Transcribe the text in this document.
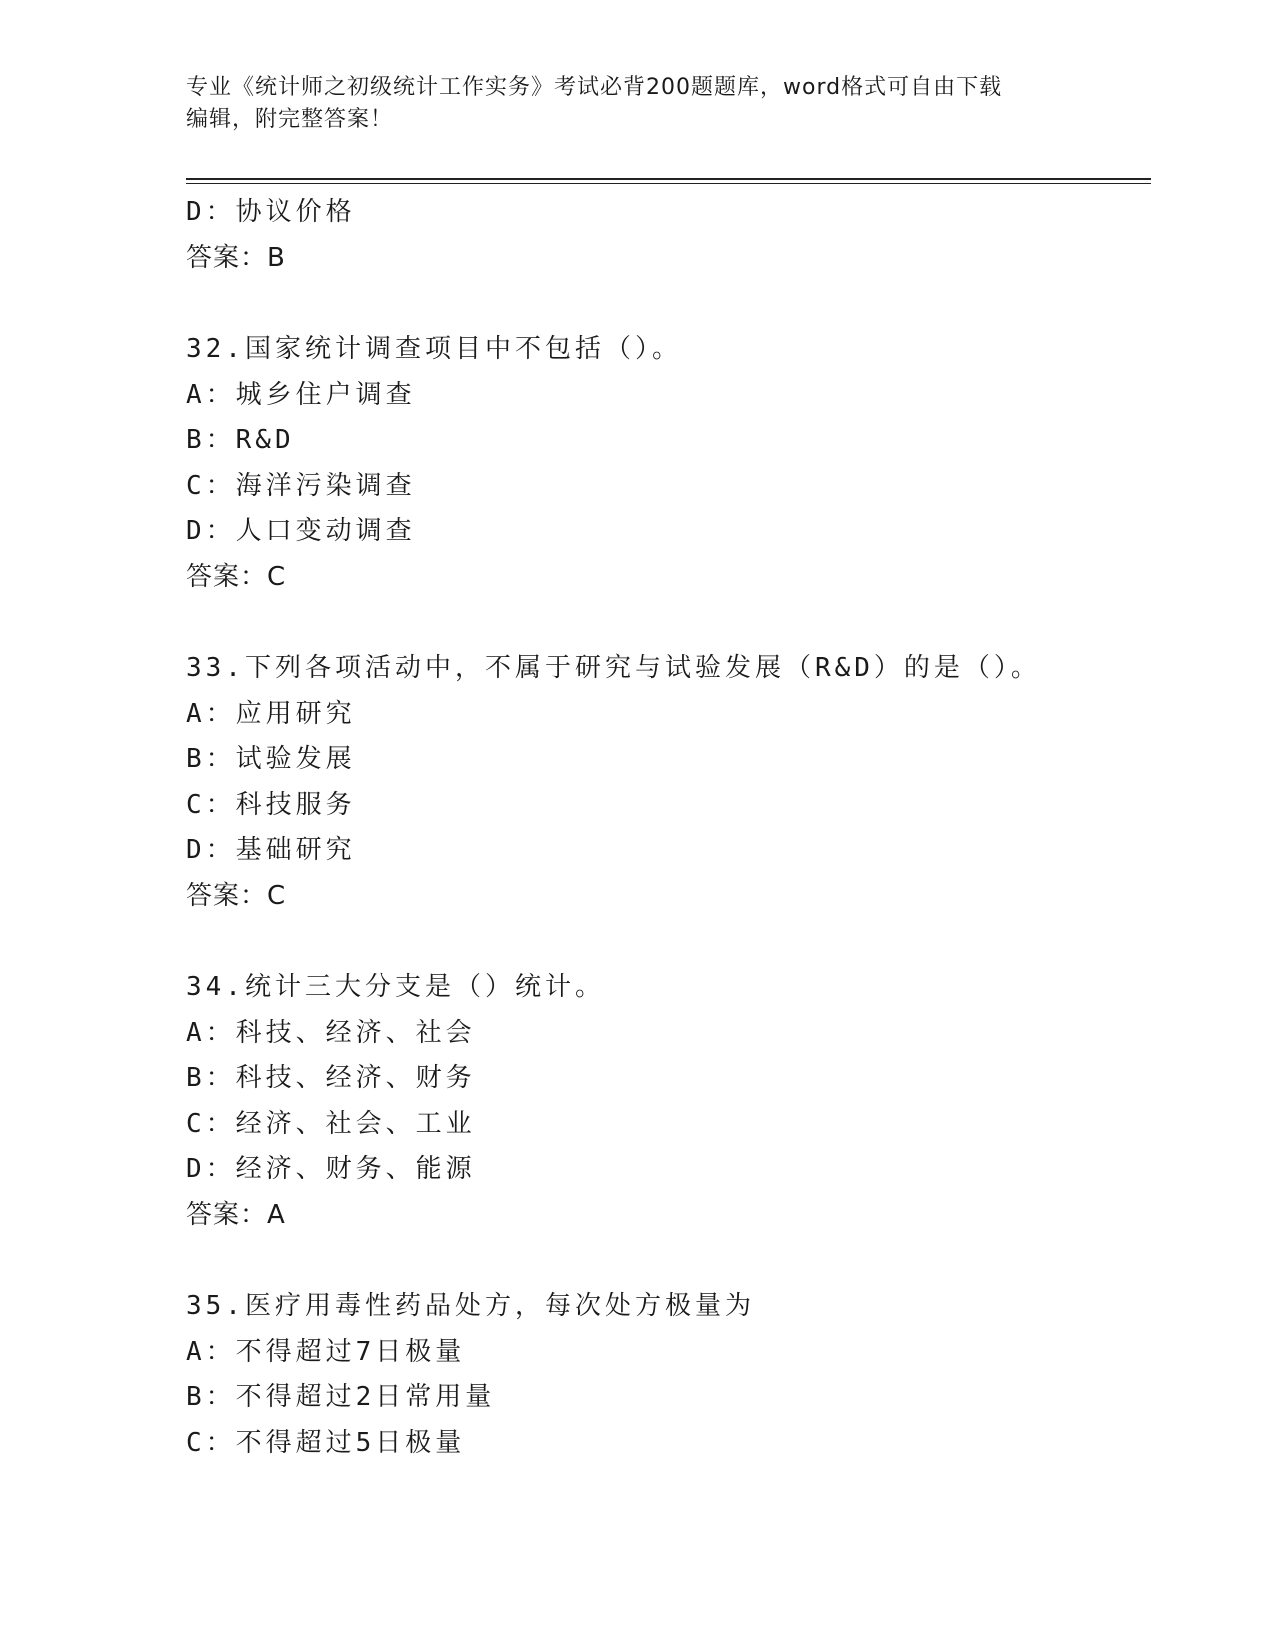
专业《统计师之初级统计工作实务》考试必背200题题库，word格式可自由下载
编辑，附完整答案！
D：协议价格
答案：B
32.国家统计调查项目中不包括（）。
A：城乡住户调查
B：R&D
C：海洋污染调查
D：人口变动调查
答案：C
33.下列各项活动中，不属于研究与试验发展（R&D）的是（）。
A：应用研究
B：试验发展
C：科技服务
D：基础研究
答案：C
34.统计三大分支是（）统计。
A：科技、经济、社会
B：科技、经济、财务
C：经济、社会、工业
D：经济、财务、能源
答案：A
35.医疗用毒性药品处方，每次处方极量为
A：不得超过7日极量
B：不得超过2日常用量
C：不得超过5日极量
